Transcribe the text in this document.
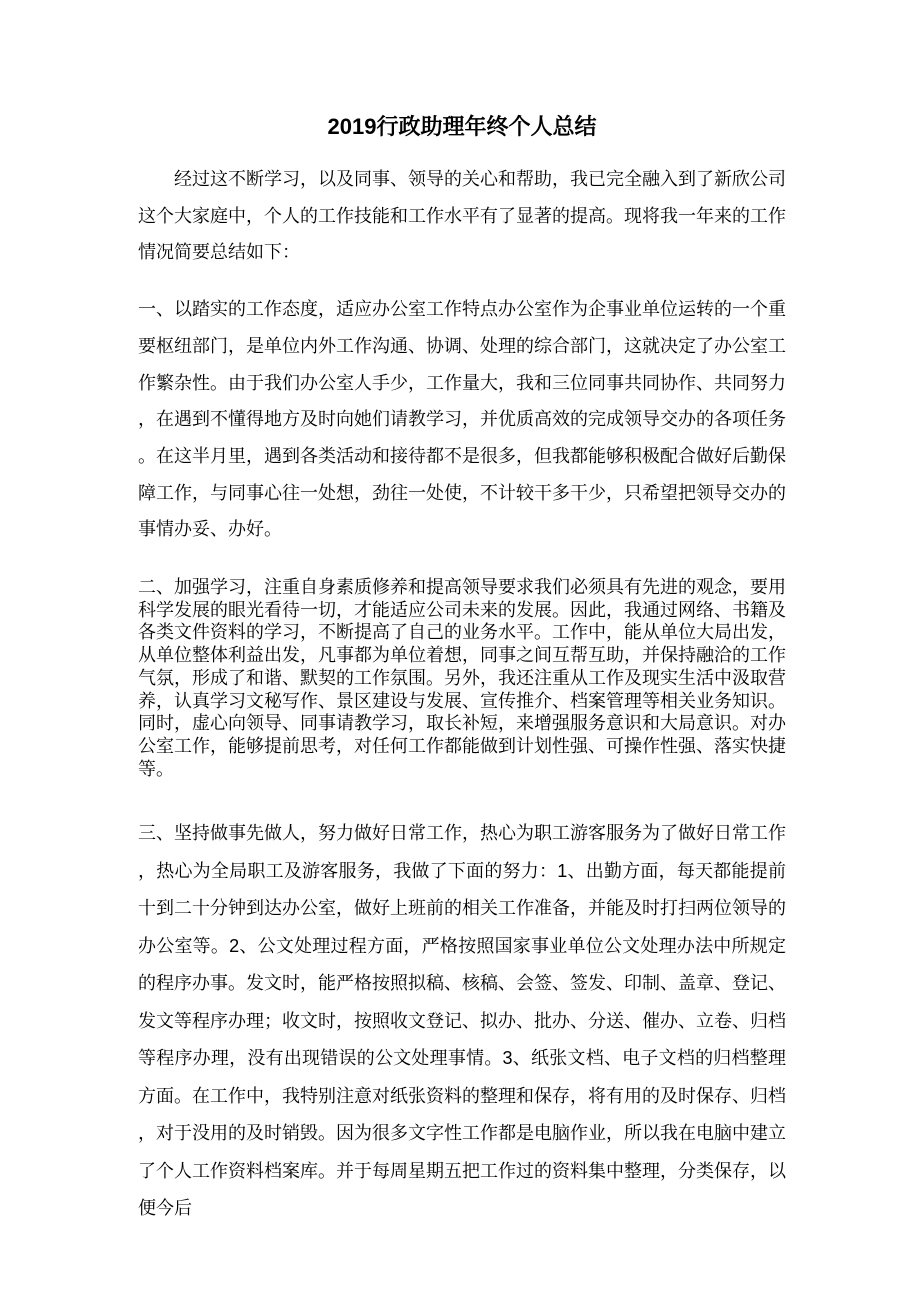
2019行政助理年终个人总结

经过这不断学习，以及同事、领导的关心和帮助，我已完全融入到了新欣公司这个大家庭中，个人的工作技能和工作水平有了显著的提高。现将我一年来的工作情况简要总结如下：

一、以踏实的工作态度，适应办公室工作特点办公室作为企事业单位运转的一个重要枢纽部门，是单位内外工作沟通、协调、处理的综合部门，这就决定了办公室工作繁杂性。由于我们办公室人手少，工作量大，我和三位同事共同协作、共同努力，在遇到不懂得地方及时向她们请教学习，并优质高效的完成领导交办的各项任务。在这半月里，遇到各类活动和接待都不是很多，但我都能够积极配合做好后勤保障工作，与同事心往一处想，劲往一处使，不计较干多干少，只希望把领导交办的事情办妥、办好。

二、加强学习，注重自身素质修养和提高领导要求我们必须具有先进的观念，要用科学发展的眼光看待一切，才能适应公司未来的发展。因此，我通过网络、书籍及各类文件资料的学习，不断提高了自己的业务水平。工作中，能从单位大局出发，从单位整体利益出发，凡事都为单位着想，同事之间互帮互助，并保持融洽的工作气氛，形成了和谐、默契的工作氛围。另外，我还注重从工作及现实生活中汲取营养，认真学习文秘写作、景区建设与发展、宣传推介、档案管理等相关业务知识。同时，虚心向领导、同事请教学习，取长补短，来增强服务意识和大局意识。对办公室工作，能够提前思考，对任何工作都能做到计划性强、可操作性强、落实快捷等。

三、坚持做事先做人，努力做好日常工作，热心为职工游客服务为了做好日常工作，热心为全局职工及游客服务，我做了下面的努力：1、出勤方面，每天都能提前十到二十分钟到达办公室，做好上班前的相关工作准备，并能及时打扫两位领导的办公室等。2、公文处理过程方面，严格按照国家事业单位公文处理办法中所规定的程序办事。发文时，能严格按照拟稿、核稿、会签、签发、印制、盖章、登记、发文等程序办理；收文时，按照收文登记、拟办、批办、分送、催办、立卷、归档等程序办理，没有出现错误的公文处理事情。3、纸张文档、电子文档的归档整理方面。在工作中，我特别注意对纸张资料的整理和保存，将有用的及时保存、归档，对于没用的及时销毁。因为很多文字性工作都是电脑作业，所以我在电脑中建立了个人工作资料档案库。并于每周星期五把工作过的资料集中整理，分类保存，以便今后
